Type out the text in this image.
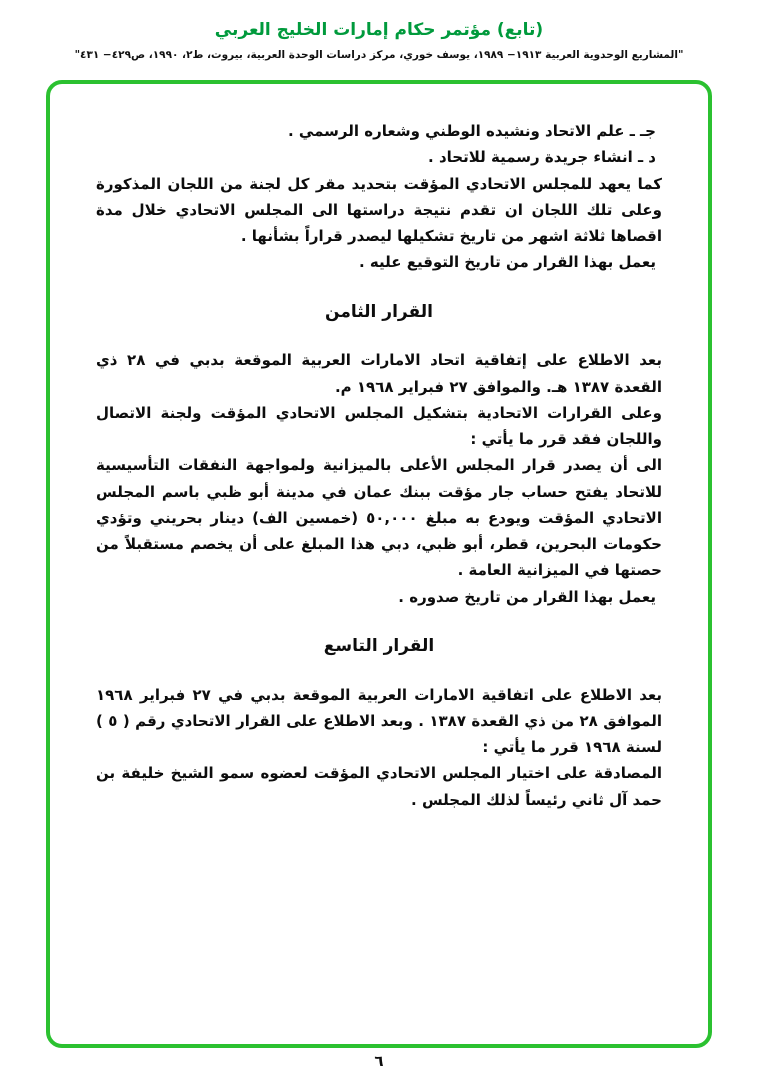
(تابع) مؤتمر حكام إمارات الخليج العربي
"المشاريع الوحدوية العربية ١٩١٣− ١٩٨٩، يوسف خوري، مركز دراسات الوحدة العربية، بيروت، ط٢، ١٩٩٠، ص٤٢٩− ٤٣١"

جـ ـ علم الاتحاد ونشيده الوطني وشعاره الرسمي .

د ـ انشاء جريدة رسمية للاتحاد .

كما يعهد للمجلس الاتحادي المؤقت بتحديد مقر كل لجنة من اللجان المذكورة وعلى تلك اللجان ان تقدم نتيجة دراستها الى المجلس الاتحادي خلال مدة اقصاها ثلاثة اشهر من تاريخ تشكيلها ليصدر قراراً بشأنها .

يعمل بهذا القرار من تاريخ التوقيع عليه .

القرار الثامن

بعد الاطلاع على إتفاقية اتحاد الامارات العربية الموقعة بدبي في ٢٨ ذي القعدة ١٣٨٧ هـ. والموافق ٢٧ فبراير ١٩٦٨ م.

وعلى القرارات الاتحادية بتشكيل المجلس الاتحادي المؤقت ولجنة الاتصال واللجان فقد قرر ما يأتي :

الى أن يصدر قرار المجلس الأعلى بالميزانية ولمواجهة النفقات التأسيسية للاتحاد يفتح حساب جار مؤقت ببنك عمان في مدينة أبو ظبي باسم المجلس الاتحادي المؤقت ويودع به مبلغ ٥٠,٠٠٠ (خمسين الف) دينار بحريني وتؤدي حكومات البحرين، قطر، أبو ظبي، دبي هذا المبلغ على أن يخصم مستقبلاً من حصتها في الميزانية العامة .

يعمل بهذا القرار من تاريخ صدوره .

القرار التاسع

بعد الاطلاع على اتفاقية الامارات العربية الموقعة بدبي في ٢٧ فبراير ١٩٦٨ الموافق ٢٨ من ذي القعدة ١٣٨٧ . وبعد الاطلاع على القرار الاتحادي رقم ( ٥ ) لسنة ١٩٦٨ قرر ما يأتي :

المصادقة على اختيار المجلس الاتحادي المؤقت لعضوه سمو الشيخ خليفة بن حمد آل ثاني رئيساً لذلك المجلس .

٦
